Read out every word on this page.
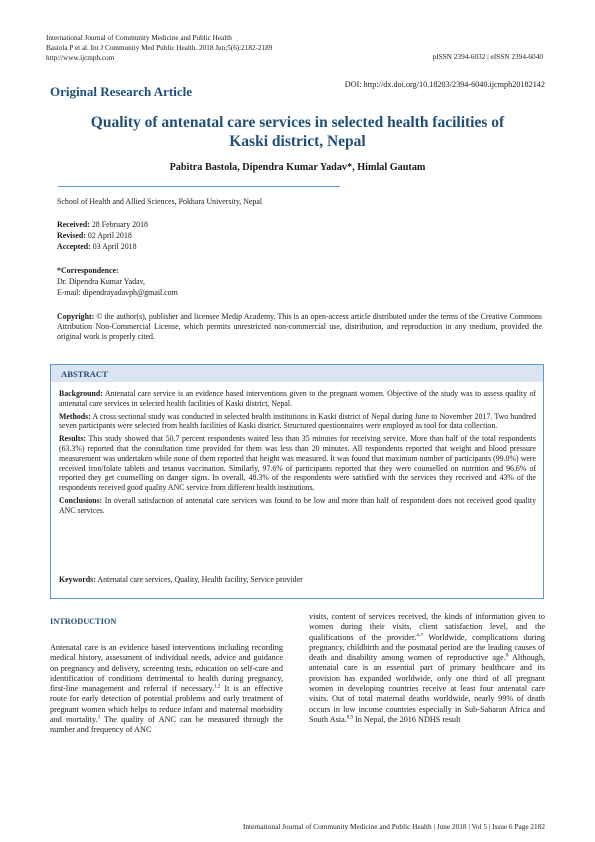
International Journal of Community Medicine and Public Health
Bastola P et al. Int J Community Med Public Health. 2018 Jun;5(6):2182-2189
http://www.ijcmph.com	pISSN 2394-6032 | eISSN 2394-6040
Original Research Article	DOI: http://dx.doi.org/10.18203/2394-6040.ijcmph20182142
Quality of antenatal care services in selected health facilities of
Kaski district, Nepal
Pabitra Bastola, Dipendra Kumar Yadav*, Himlal Gautam
School of Health and Allied Sciences, Pokhara University, Nepal
Received: 28 February 2018
Revised: 02 April 2018
Accepted: 03 April 2018
*Correspondence:
Dr. Dipendra Kumar Yadav,
E-mail: dipendrayadavph@gmail.com
Copyright: © the author(s), publisher and licensee Medip Academy. This is an open-access article distributed under the terms of the Creative Commons Attribution Non-Commercial License, which permits unrestricted non-commercial use, distribution, and reproduction in any medium, provided the original work is properly cited.
ABSTRACT

Background: Antenatal care service is an evidence based interventions given to the pregnant women. Objective of the study was to assess quality of antenatal care services in selected health facilities of Kaski district, Nepal.

Methods: A cross sectional study was conducted in selected health institutions in Kaski district of Nepal during June to November 2017. Two hundred seven participants were selected from health facilities of Kaski district. Structured questionnaires were employed as tool for data collection.

Results: This study showed that 50.7 percent respondents waited less than 35 minutes for receiving service. More than half of the total respondents (63.3%) reported that the consultation time provided for them was less than 20 minutes. All respondents reported that weight and blood pressure measurement was undertaken while none of them reported that height was measured. It was found that maximum number of participants (99.0%) were received iron/folate tablets and tetanus vaccination. Similarly, 97.6% of participants reported that they were counselled on nutrition and 96.6% of reported they get counselling on danger signs. In overall, 48.3% of the respondents were satisfied with the services they received and 43% of the respondents received good quality ANC service from different health institutions.

Conclusions: In overall satisfaction of antenatal care services was found to be low and more than half of respondent does not received good quality ANC services.

Keywords: Antenatal care services, Quality, Health facility, Service provider
INTRODUCTION
Antenatal care is an evidence based interventions including recording medical history, assessment of individual needs, advice and guidance on pregnancy and delivery, screening tests, education on self-care and identification of conditions detrimental to health during pregnancy, first-line management and referral if necessary.$^{1,2}$ It is an effective route for early detection of potential problems and early treatment of pregnant women which helps to reduce infant and maternal morbidity and mortality.$^3$ The quality of ANC can be measured through the number and frequency of ANC
visits, content of services received, the kinds of information given to women during their visits, client satisfaction level, and the qualifications of the provider.$^{4-7}$ Worldwide, complications during pregnancy, childbirth and the postnatal period are the leading causes of death and disability among women of reproductive age.$^8$ Although, antenatal care is an essential part of primary healthcare and its provision has expanded worldwide, only one third of all pregnant women in developing countries receive at least four antenatal care visits. Out of total maternal deaths worldwide, nearly 99% of death occurs in low income countries especially in Sub-Saharan Africa and South Asia.$^{8,9}$ In Nepal, the 2016 NDHS result
International Journal of Community Medicine and Public Health | June 2018 | Vol 5 | Issue 6 Page 2182
